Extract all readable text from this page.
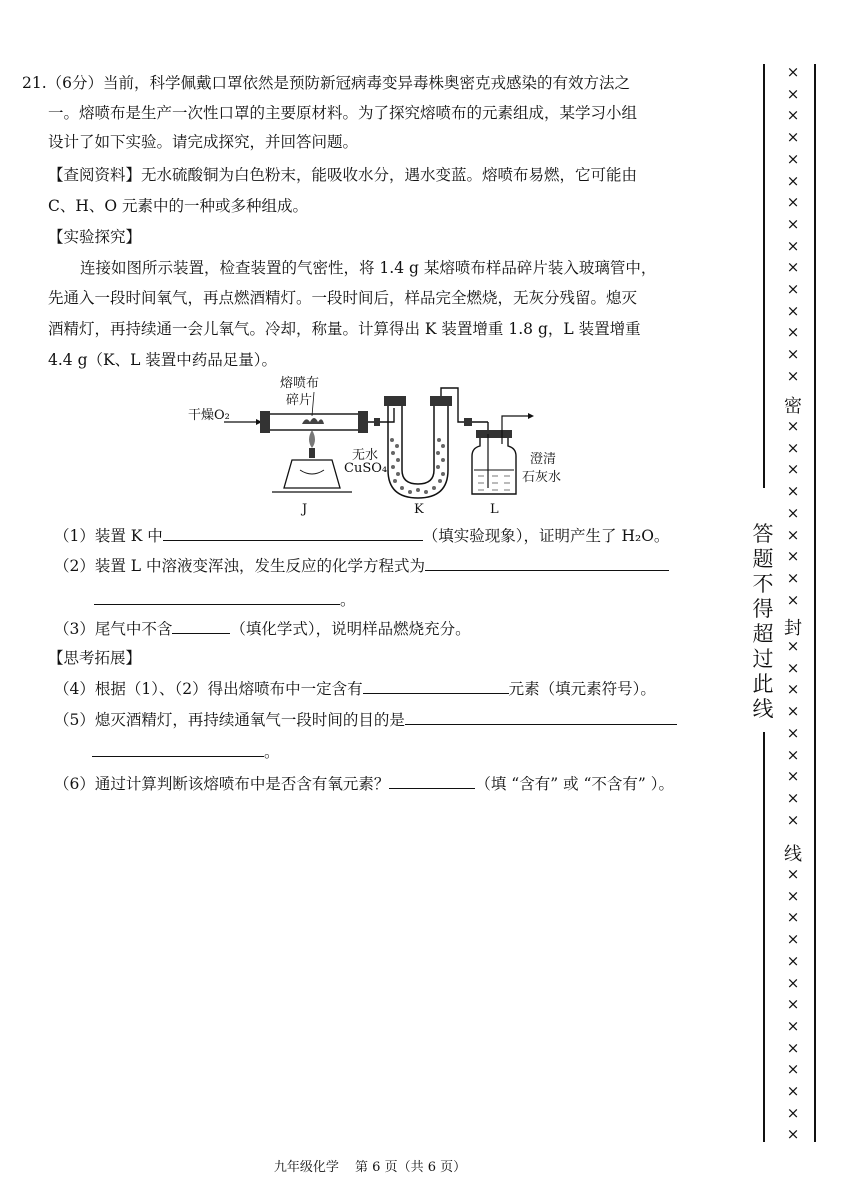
21.（6分）当前，科学佩戴口罩依然是预防新冠病毒变异毒株奥密克戎感染的有效方法之
一。熔喷布是生产一次性口罩的主要原材料。为了探究熔喷布的元素组成，某学习小组
设计了如下实验。请完成探究，并回答问题。
【查阅资料】无水硫酸铜为白色粉末，能吸收水分，遇水变蓝。熔喷布易燃，它可能由
C、H、O 元素中的一种或多种组成。
【实验探究】
连接如图所示装置，检查装置的气密性，将 1.4 g 某熔喷布样品碎片装入玻璃管中，
先通入一段时间氧气，再点燃酒精灯。一段时间后，样品完全燃烧，无灰分残留。熄灭
酒精灯，再持续通一会儿氧气。冷却，称量。计算得出 K 装置增重 1.8 g，L 装置增重
4.4 g（K、L 装置中药品足量）。
干燥O₂
熔喷布
碎片
无水
CuSO₄
澄清
石灰水
J	K	L
（1）装置 K 中	（填实验现象），证明产生了 H₂O。
（2）装置 L 中溶液变浑浊，发生反应的化学方程式为
。
（3）尾气中不含	（填化学式），说明样品燃烧充分。
【思考拓展】
（4）根据（1）、（2）得出熔喷布中一定含有	元素（填元素符号）。
（5）熄灭酒精灯，再持续通氧气一段时间的目的是
。
（6）通过计算判断该熔喷布中是否含有氧元素？	（填 “含有” 或 “不含有” ）。
九年级化学 第 6 页（共 6 页）
×
×
×
×
×
×
×
×
×
×
×
×
×
×
×
密
×
×
×
×
×
×
×
×
×
封
×
×
×
×
×
×
×
×
×
线
×
×
×
×
×
×
×
×
×
×
×
×
×
答
题
不
得
超
过
此
线
